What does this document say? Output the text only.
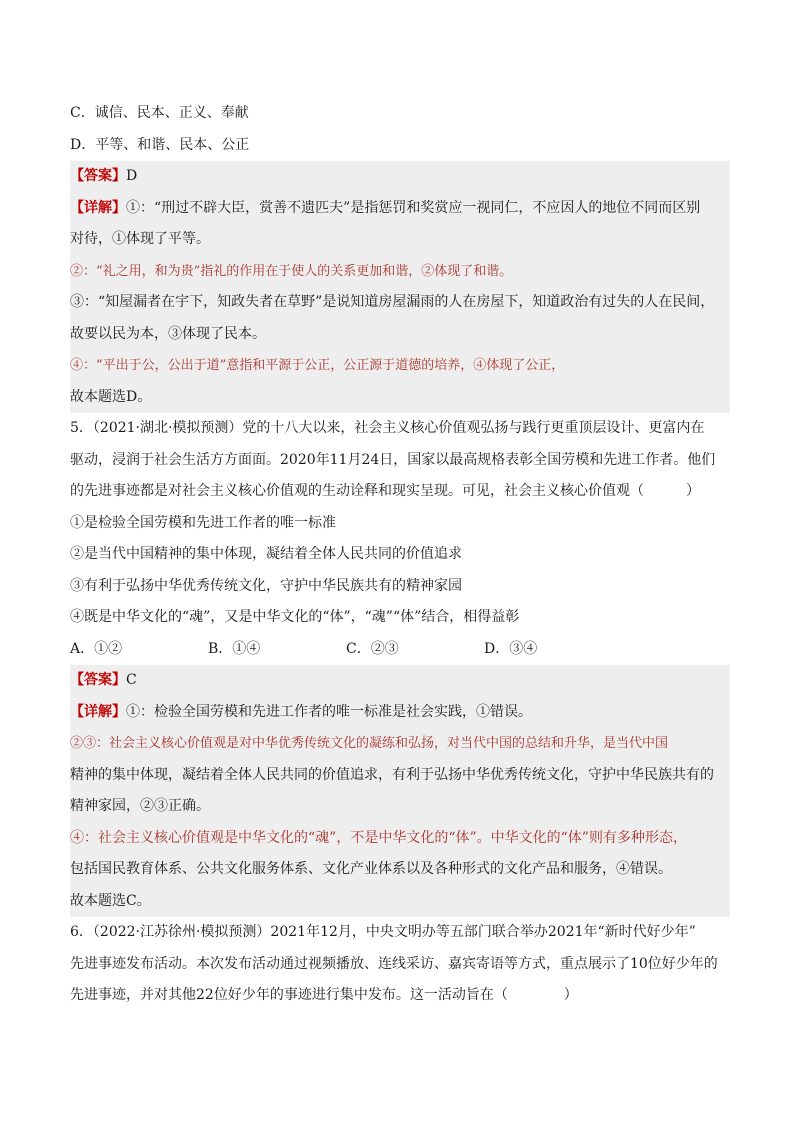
C．诚信、民本、正义、奉献
D．平等、和谐、民本、公正
【答案】D
【详解】①：“刑过不辟大臣，赏善不遗匹夫”是指惩罚和奖赏应一视同仁，不应因人的地位不同而区别
对待，①体现了平等。
②：“礼之用，和为贵”指礼的作用在于使人的关系更加和谐，②体现了和谐。
③：“知屋漏者在宇下，知政失者在草野”是说知道房屋漏雨的人在房屋下，知道政治有过失的人在民间，
故要以民为本，③体现了民本。
④：“平出于公，公出于道”意指和平源于公正，公正源于道德的培养，④体现了公正，
故本题选D。
5．（2021·湖北·模拟预测）党的十八大以来，社会主义核心价值观弘扬与践行更重顶层设计、更富内在
驱动，浸润于社会生活方方面面。2020年11月24日，国家以最高规格表彰全国劳模和先进工作者。他们
的先进事迹都是对社会主义核心价值观的生动诠释和现实呈现。可见，社会主义核心价值观（　　　）
①是检验全国劳模和先进工作者的唯一标准
②是当代中国精神的集中体现，凝结着全体人民共同的价值追求
③有利于弘扬中华优秀传统文化，守护中华民族共有的精神家园
④既是中华文化的“魂”，又是中华文化的“体”，“魂”“体”结合，相得益彰
A．①②	B．①④	C．②③	D．③④
【答案】C
【详解】①：检验全国劳模和先进工作者的唯一标准是社会实践，①错误。
②③：社会主义核心价值观是对中华优秀传统文化的凝练和弘扬，对当代中国的总结和升华，是当代中国
精神的集中体现，凝结着全体人民共同的价值追求，有利于弘扬中华优秀传统文化，守护中华民族共有的
精神家园，②③正确。
④：社会主义核心价值观是中华文化的“魂”，不是中华文化的“体”。中华文化的“体”则有多种形态，
包括国民教育体系、公共文化服务体系、文化产业体系以及各种形式的文化产品和服务，④错误。
故本题选C。
6．（2022·江苏徐州·模拟预测）2021年12月，中央文明办等五部门联合举办2021年“新时代好少年”
先进事迹发布活动。本次发布活动通过视频播放、连线采访、嘉宾寄语等方式，重点展示了10位好少年的
先进事迹，并对其他22位好少年的事迹进行集中发布。这一活动旨在（　　　　）
